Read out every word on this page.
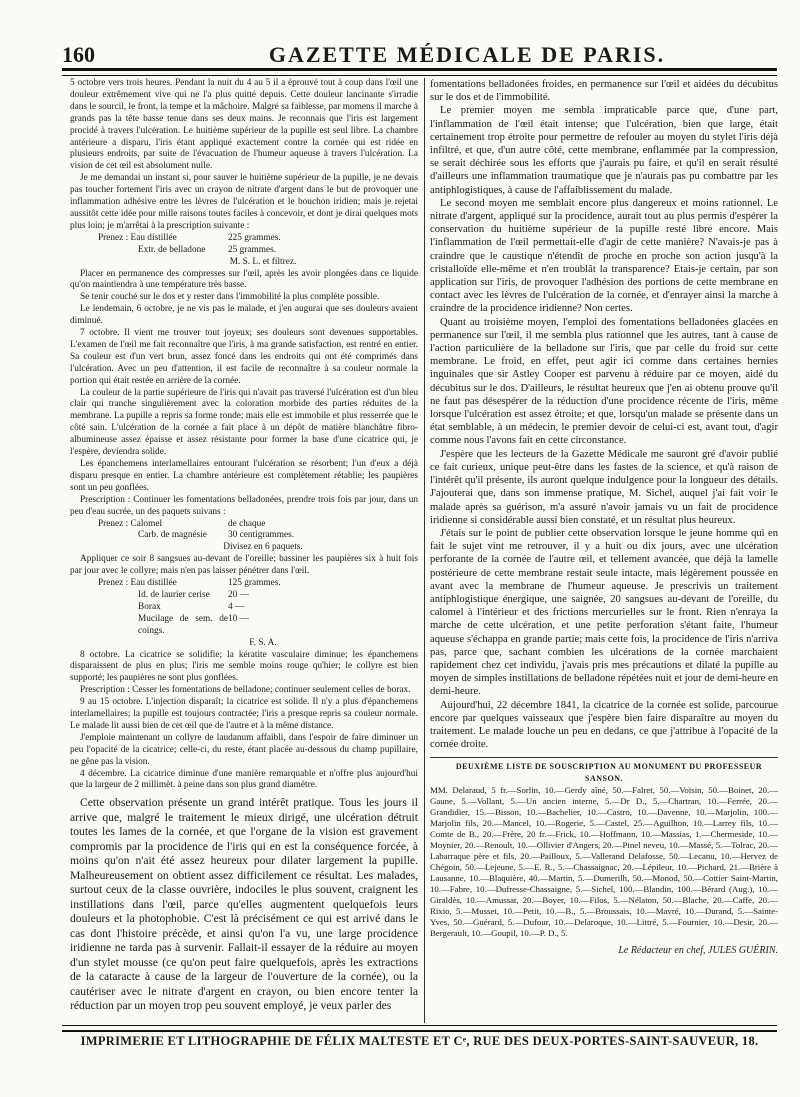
160	GAZETTE MÉDICALE DE PARIS.

5 octobre vers trois heures. Pendant la nuit du 4 au 5 il a éprouvé tout à coup dans l'œil une douleur extrêmement vive qui ne l'a plus quitté depuis. Cette douleur lancinante s'irradie dans le sourcil, le front, la tempe et la mâchoire. Malgré sa faiblesse, par momens il marche à grands pas la tête basse tenue dans ses deux mains. Je reconnais que l'iris est largement procidé à travers l'ulcération. Le huitième supérieur de la pupille est seul libre. La chambre antérieure a disparu, l'iris étant appliqué exactement contre la cornée qui est ridée en plusieurs endroits, par suite de l'évacuation de l'humeur aqueuse à travers l'ulcération. La vision de cet œil est absolument nulle.

Je me demandai un instant si, pour sauver le huitième supérieur de la pupille, je ne devais pas toucher fortement l'iris avec un crayon de nitrate d'argent dans le but de provoquer une inflammation adhésive entre les lèvres de l'ulcération et le bouchon iridien; mais je rejetai aussitôt cette idée pour mille raisons toutes faciles à concevoir, et dont je dirai quelques mots plus loin; je m'arrêtai à la prescription suivante :

Prenez : Eau distillée	225 grammes.
Extr. de belladone	25 grammes.

M. S. L. et filtrez.

Placer en permanence des compresses sur l'œil, après les avoir plongées dans ce liquide qu'on maintiendra à une température très basse.

Se tenir couché sur le dos et y rester dans l'immobilité la plus complète possible.

Le lendemain, 6 octobre, je ne vis pas le malade, et j'en augurai que ses douleurs avaient diminué.

7 octobre. Il vient me trouver tout joyeux; ses douleurs sont devenues supportables. L'examen de l'œil me fait reconnaître que l'iris, à ma grande satisfaction, est rentré en entier. Sa couleur est d'un vert brun, assez foncé dans les endroits qui ont été comprimés dans l'ulcération. Avec un peu d'attention, il est facile de reconnaître à sa couleur normale la portion qui était restée en arrière de la cornée.

La couleur de la partie supérieure de l'iris qui n'avait pas traversé l'ulcération est d'un bleu clair qui tranche singulièrement avec la coloration morbide des parties réduites de la membrane. La pupille a repris sa forme ronde; mais elle est immobile et plus resserrée que le côté sain. L'ulcération de la cornée a fait place à un dépôt de matière blanchâtre fibro-albumineuse assez épaisse et assez résistante pour former la base d'une cicatrice qui, je l'espère, deviendra solide.

Les épanchemens interlamellaires entourant l'ulcération se résorbent; l'un d'eux a déjà disparu presque en entier. La chambre antérieure est complètement rétablie; les paupières sont un peu gonflées.

Prescription : Continuer les fomentations belladonées, prendre trois fois par jour, dans un peu d'eau sucrée, un des paquets suivans :

Prenez : Calomel	de chaque
Carb. de magnésie	30 centigrammes.

Divisez en 6 paquets.

Appliquer ce soir 8 sangsues au-devant de l'oreille; bassiner les paupières six à huit fois par jour avec le collyre; mais n'en pas laisser pénétrer dans l'œil.

Prenez : Eau distillée	125 grammes.
Id. de laurier cerise	20 —
Borax	4 —
Mucilage de sem. de coings.
10 —

F. S. A.

8 octobre. La cicatrice se solidifie; la kératite vasculaire diminue; les épanchemens disparaissent de plus en plus; l'iris me semble moins rouge qu'hier; le collyre est bien supporté; les paupières ne sont plus gonflées.

Prescription : Cesser les fomentations de belladone; continuer seulement celles de borax.

9 au 15 octobre. L'injection disparaît; la cicatrice est solide. Il n'y a plus d'épanchemens interlamellaires; la pupille est toujours contractée; l'iris a presque repris sa couleur normale. Le malade lit aussi bien de cet œil que de l'autre et à la même distance.

J'emploie maintenant un collyre de laudanum affaibli, dans l'espoir de faire diminuer un peu l'opacité de la cicatrice; celle-ci, du reste, étant placée au-dessous du champ pupillaire, ne gêne pas la vision.

4 décembre. La cicatrice diminue d'une manière remarquable et n'offre plus aujourd'hui que la largeur de 2 millimèt. à peine dans son plus grand diamètre.

Cette observation présente un grand intérêt pratique. Tous les jours il arrive que, malgré le traitement le mieux dirigé, une ulcération détruit toutes les lames de la cornée, et que l'organe de la vision est gravement compromis par la procidence de l'iris qui en est la conséquence forcée, à moins qu'on n'ait été assez heureux pour dilater largement la pupille. Malheureusement on obtient assez difficilement ce résultat. Les malades, surtout ceux de la classe ouvrière, indociles le plus souvent, craignent les instillations dans l'œil, parce qu'elles augmentent quelquefois leurs douleurs et la photophobie. C'est là précisément ce qui est arrivé dans le cas dont l'histoire précède, et ainsi qu'on l'a vu, une large procidence iridienne ne tarda pas à survenir. Fallait-il essayer de la réduire au moyen d'un stylet mousse (ce qu'on peut faire quelquefois, après les extractions de la cataracte à cause de la largeur de l'ouverture de la cornée), ou la cautériser avec le nitrate d'argent en crayon, ou bien encore tenter la réduction par un moyen trop peu souvent employé, je veux parler des

fomentations belladonées froides, en permanence sur l'œil et aidées du décubitus sur le dos et de l'immobilité.

Le premier moyen me sembla impraticable parce que, d'une part, l'inflammation de l'œil était intense; que l'ulcération, bien que large, était certainement trop étroite pour permettre de refouler au moyen du stylet l'iris déjà infiltré, et que, d'un autre côté, cette membrane, enflammée par la compression, se serait déchirée sous les efforts que j'aurais pu faire, et qu'il en serait résulté d'ailleurs une inflammation traumatique que je n'aurais pas pu combattre par les antiphlogistiques, à cause de l'affaiblissement du malade.

Le second moyen me semblait encore plus dangereux et moins rationnel. Le nitrate d'argent, appliqué sur la procidence, aurait tout au plus permis d'espérer la conservation du huitième supérieur de la pupille resté libre encore. Mais l'inflammation de l'œil permettait-elle d'agir de cette manière? N'avais-je pas à craindre que le caustique n'étendît de proche en proche son action jusqu'à la cristalloïde elle-même et n'en troublât la transparence? Etais-je certain, par son application sur l'iris, de provoquer l'adhésion des portions de cette membrane en contact avec les lèvres de l'ulcération de la cornée, et d'enrayer ainsi la marche à craindre de la procidence iridienne? Non certes.

Quant au troisième moyen, l'emploi des fomentations belladonées glacées en permanence sur l'œil, il me sembla plus rationnel que les autres, tant à cause de l'action particulière de la belladone sur l'iris, que par celle du froid sur cette membrane. Le froid, en effet, peut agir ici comme dans certaines hernies inguinales que sir Astley Cooper est parvenu à réduire par ce moyen, aidé du décubitus sur le dos. D'ailleurs, le résultat heureux que j'en ai obtenu prouve qu'il ne faut pas désespérer de la réduction d'une procidence récente de l'iris, même lorsque l'ulcération est assez étroite; et que, lorsqu'un malade se présente dans un état semblable, à un médecin, le premier devoir de celui-ci est, avant tout, d'agir comme nous l'avons fait en cette circonstance.

J'espère que les lecteurs de la Gazette Médicale me sauront gré d'avoir publié ce fait curieux, unique peut-être dans les fastes de la science, et qu'à raison de l'intérêt qu'il présente, ils auront quelque indulgence pour la longueur des détails. J'ajouterai que, dans son immense pratique, M. Sichel, auquel j'ai fait voir le malade après sa guérison, m'a assuré n'avoir jamais vu un fait de procidence iridienne si considérable aussi bien constaté, et un résultat plus heureux.

J'étais sur le point de publier cette observation lorsque le jeune homme qui en fait le sujet vint me retrouver, il y a huit ou dix jours, avec une ulcération perforante de la cornée de l'autre œil, et tellement avancée, que déjà la lamelle postérieure de cette membrane restait seule intacte, mais légèrement poussée en avant avec la membrane de l'humeur aqueuse. Je prescrivis un traitement antiphlogistique énergique, une saignée, 20 sangsues au-devant de l'oreille, du calomel à l'intérieur et des frictions mercurielles sur le front. Rien n'enraya la marche de cette ulcération, et une petite perforation s'étant faite, l'humeur aqueuse s'échappa en grande partie; mais cette fois, la procidence de l'iris n'arriva pas, parce que, sachant combien les ulcérations de la cornée marchaient rapidement chez cet individu, j'avais pris mes précautions et dilaté la pupille au moyen de simples instillations de belladone répétées nuit et jour de demi-heure en demi-heure.

Aujourd'hui, 22 décembre 1841, la cicatrice de la cornée est solide, parcourue encore par quelques vaisseaux que j'espère bien faire disparaître au moyen du traitement. Le malade louche un peu en dedans, ce que j'attribue à l'opacité de la cornée droite.

DEUXIÈME LISTE DE SOUSCRIPTION AU MONUMENT DU PROFESSEUR SANSON.

MM. Delaraud, 5 fr.—Sorlin, 10.—Gerdy aîné, 50.—Falret, 50.—Voisin, 50.—Boinet, 20.—Gaune, 5.—Vollant, 5.—Un ancien interne, 5.—Dr D., 5.—Chartran, 10.—Ferrée, 20.—Grandidier, 15.—Bisson, 10.—Bachelier, 10.—Castro, 10.—Davenne, 10.—Marjolin, 100.—Marjolin fils, 20.—Mancel, 10.—Rogerie, 5.—Castel, 25.—Aguilhon, 10.—Larrey fils, 10.—Comte de B., 20.—Frère, 20 fr.—Frick, 10.—Hoffmann, 10.—Massias, 1.—Chermeside, 10.—Moynier, 20.—Renoult, 10.—Ollivier d'Angers, 20.—Pinel neveu, 10.—Massé, 5.—Tolrac, 20.—Labarraque père et fils, 20.—Pailloux, 5.—Vallerand Delafosse, 50.—Lecanu, 10.—Hervez de Chégoin, 50.—Lejeune, 5.—E. R., 5.—Chassaignac, 20.—Lépileur, 10.—Pichard, 21.—Brière à Lausanne, 10.—Blaquière, 40.—Martin, 5.—Dumerilh, 50.—Monod, 50.—Cottier Saint-Martin, 10.—Fabre, 10.—Dufresse-Chassaigne, 5.—Sichel, 100.—Blandin, 100.—Bérard (Aug.), 10.—Giraldès, 10.—Amussat, 20.—Boyer, 10.—Filos, 5.—Nélaton, 50.—Blache, 20.—Caffe, 20.—Rixio, 5.—Musset, 10.—Petit, 10.—B., 5.—Broussais, 10.—Mavré, 10.—Durand, 5.—Sainte-Yves, 50.—Guérard, 5.—Dufour, 10.—Delaroque, 10.—Littré, 5.—Fournier, 10.—Desir, 20.—Bergerault, 10.—Goupil, 10.—P. D., 5.
Le Rédacteur en chef, JULES GUÉRIN.
IMPRIMERIE ET LITHOGRAPHIE DE FÉLIX MALTESTE ET Cᵉ, RUE DES DEUX-PORTES-SAINT-SAUVEUR, 18.
